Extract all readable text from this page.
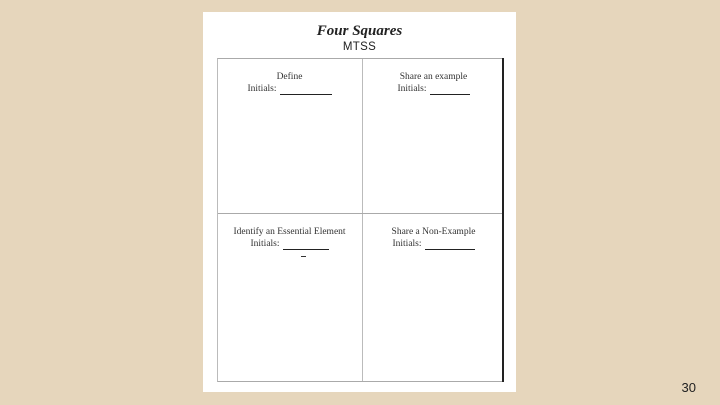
Four Squares
MTSS
Define
Initials:
Share an example
Initials:
Identify an Essential Element
Initials:
Share a Non-Example
Initials:
30
